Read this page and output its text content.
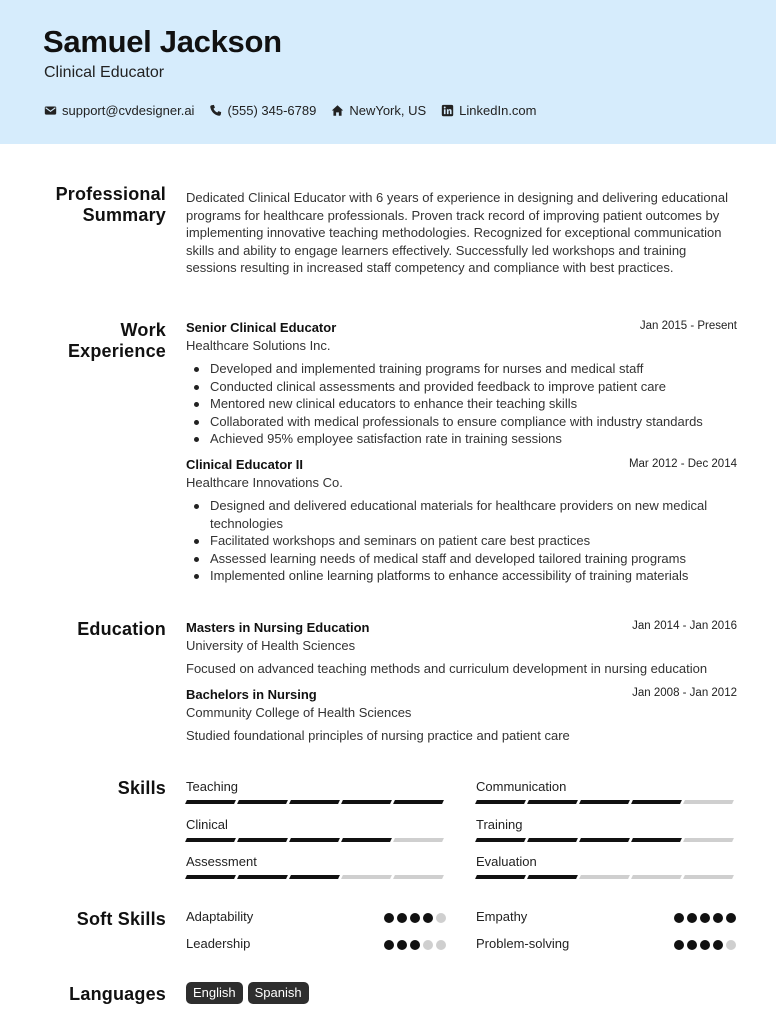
Samuel Jackson
Clinical Educator
support@cvdesigner.ai	(555) 345-6789	NewYork, US	LinkedIn.com
Professional
Summary

Dedicated Clinical Educator with 6 years of experience in designing and delivering educational programs for healthcare professionals. Proven track record of improving patient outcomes by implementing innovative teaching methodologies. Recognized for exceptional communication skills and ability to engage learners effectively. Successfully led workshops and training sessions resulting in increased staff competency and compliance with best practices.

Work
Experience
Jan 2015 - Present
Senior Clinical Educator
Healthcare Solutions Inc.
Developed and implemented training programs for nurses and medical staff
Conducted clinical assessments and provided feedback to improve patient care
Mentored new clinical educators to enhance their teaching skills
Collaborated with medical professionals to ensure compliance with industry standards
Achieved 95% employee satisfaction rate in training sessions
Mar 2012 - Dec 2014
Clinical Educator II
Healthcare Innovations Co.
Designed and delivered educational materials for healthcare providers on new medical technologies
Facilitated workshops and seminars on patient care best practices
Assessed learning needs of medical staff and developed tailored training programs
Implemented online learning platforms to enhance accessibility of training materials
Education	Jan 2014 - Jan 2016
Masters in Nursing Education
University of Health Sciences
Focused on advanced teaching methods and curriculum development in nursing education
Jan 2008 - Jan 2012
Bachelors in Nursing
Community College of Health Sciences
Studied foundational principles of nursing practice and patient care
Skills Teaching	Communication
Clinical	Training
Assessment	Evaluation
Soft Skills Adaptability	Empathy
Leadership	Problem-solving
Languages	English	Spanish
